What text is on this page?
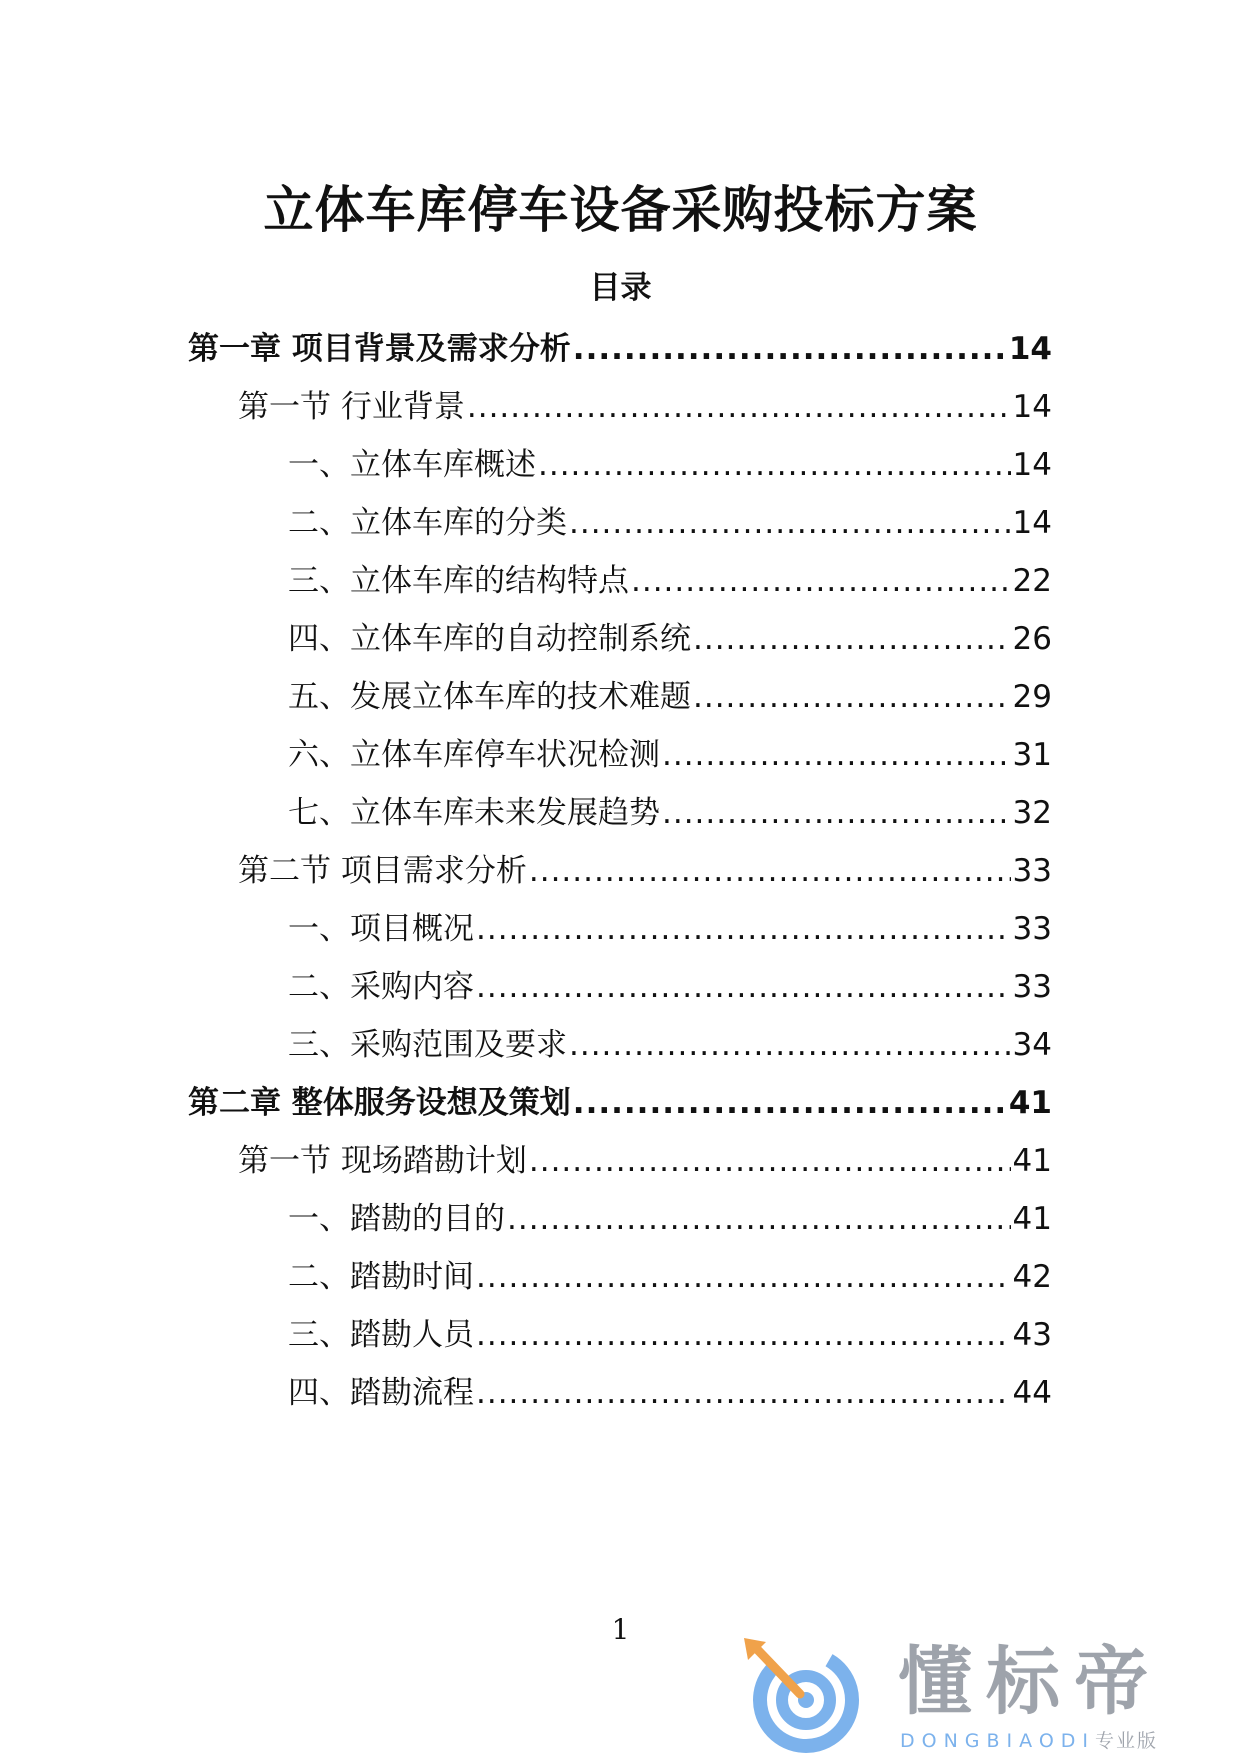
立体车库停车设备采购投标方案
目录
第一章 项目背景及需求分析 .....	14
第一节 行业背景 .....	14
一、立体车库概述 .....	14
二、立体车库的分类 .....	14
三、立体车库的结构特点 .....	22
四、立体车库的自动控制系统 .....	26
五、发展立体车库的技术难题 .....	29
六、立体车库停车状况检测 .....	31
七、立体车库未来发展趋势 .....	32
第二节 项目需求分析 .....	33
一、项目概况 .....	33
二、采购内容 .....	33
三、采购范围及要求 .....	34
第二章 整体服务设想及策划 .....	41
第一节 现场踏勘计划 .....	41
一、踏勘的目的 .....	41
二、踏勘时间 .....	42
三、踏勘人员 .....	43
四、踏勘流程 .....	44
1
懂标帝
DONGBIAODI专业版
